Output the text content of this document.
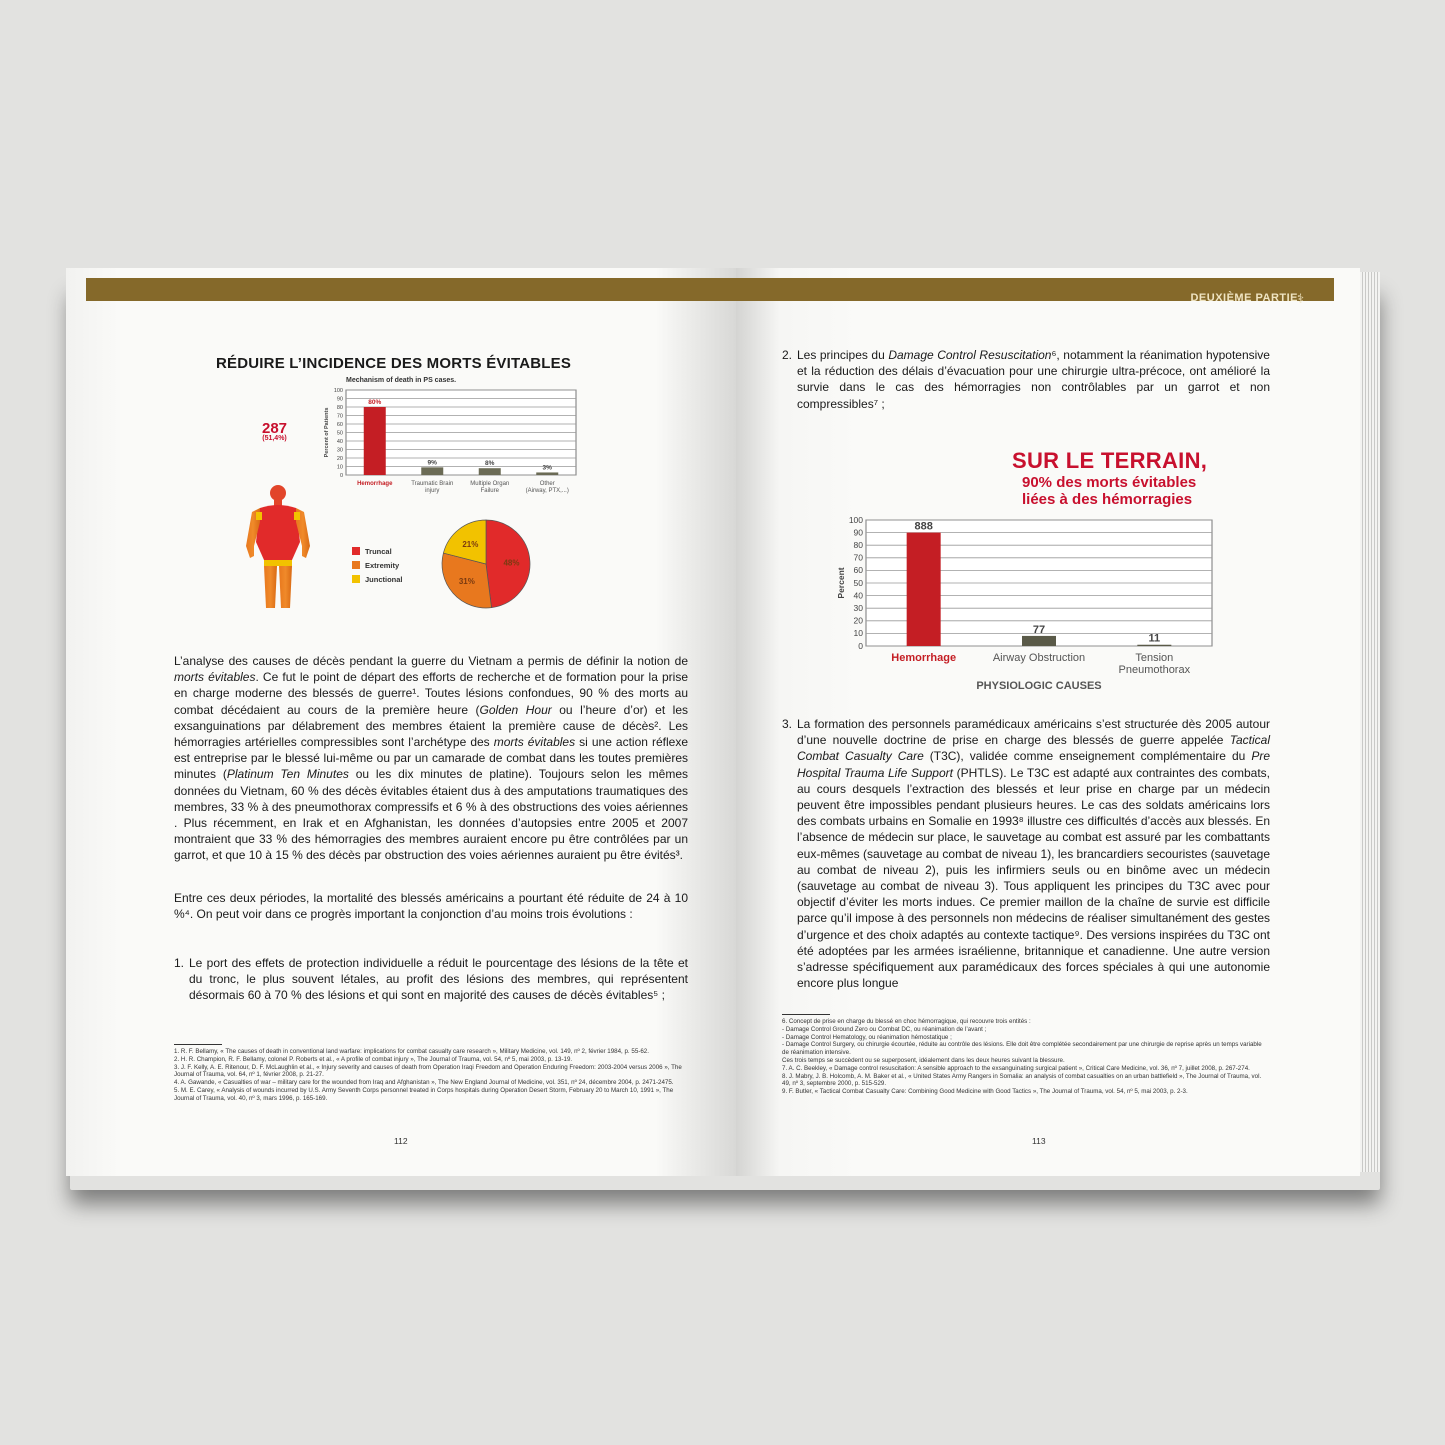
RÉDUIRE L’INCIDENCE DES MORTS ÉVITABLES
Mechanism of death in PS cases.
287
(51,4%)
100
90
80
70
60
50
40
30
20
10
0
Percent of Patients
80%
Hemorrhage
9%
Traumatic Brain
injury
8%
Multiple Organ
Failure
3%
Other
(Airway, PTX,...)
Truncal
Extremity
Junctional
48%
31%
21%
L’analyse des causes de décès pendant la guerre du Vietnam a permis de définir la notion de morts évitables. Ce fut le point de départ des efforts de recherche et de formation pour la prise en charge moderne des blessés de guerre¹. Toutes lésions confondues, 90 % des morts au combat décédaient au cours de la première heure (Golden Hour ou l’heure d’or) et les exsanguinations par délabrement des membres étaient la première cause de décès². Les hémorragies artérielles compressibles sont l’archétype des morts évitables si une action réflexe est entreprise par le blessé lui-même ou par un camarade de combat dans les toutes premières minutes (Platinum Ten Minutes ou les dix minutes de platine). Toujours selon les mêmes données du Vietnam, 60 % des décès évitables étaient dus à des amputations traumatiques des membres, 33 % à des pneumothorax compressifs et 6 % à des obstructions des voies aériennes . Plus récemment, en Irak et en Afghanistan, les données d’autopsies entre 2005 et 2007 montraient que 33 % des hémorragies des membres auraient encore pu être contrôlées par un garrot, et que 10 à 15 % des décès par obstruction des voies aériennes auraient pu être évités³.
Entre ces deux périodes, la mortalité des blessés américains a pourtant été réduite de 24 à 10 %⁴. On peut voir dans ce progrès important la conjonction d’au moins trois évolutions :
1. Le port des effets de protection individuelle a réduit le pourcentage des lésions de la tête et du tronc, le plus souvent létales, au profit des lésions des membres, qui représentent désormais 60 à 70 % des lésions et qui sont en majorité des causes de décès évitables⁵ ;

1. R. F. Bellamy, « The causes of death in conventional land warfare: implications for combat casualty care research », Military Medicine, vol. 149, nº 2, février 1984, p. 55-62.

2. H. R. Champion, R. F. Bellamy, colonel P. Roberts et al., « A profile of combat injury », The Journal of Trauma, vol. 54, nº 5, mai 2003, p. 13-19.

3. J. F. Kelly, A. E. Ritenour, D. F. McLaughlin et al., « Injury severity and causes of death from Operation Iraqi Freedom and Operation Enduring Freedom: 2003-2004 versus 2006 », The Journal of Trauma, vol. 64, nº 1, février 2008, p. 21-27.

4. A. Gawande, « Casualties of war – military care for the wounded from Iraq and Afghanistan », The New England Journal of Medicine, vol. 351, nº 24, décembre 2004, p. 2471-2475.

5. M. E. Carey, « Analysis of wounds incurred by U.S. Army Seventh Corps personnel treated in Corps hospitals during Operation Desert Storm, February 20 to March 10, 1991 », The Journal of Trauma, vol. 40, nº 3, mars 1996, p. 165-169.

112
DEUXIÈME PARTIE
⚕
2. Les principes du Damage Control Resuscitation⁶, notamment la réanimation hypotensive et la réduction des délais d’évacuation pour une chirurgie ultra-précoce, ont amélioré la survie dans le cas des hémorragies non contrôlables par un garrot et non compressibles⁷ ;
SUR LE TERRAIN,
90% des morts évitables
liées à des hémorragies
100
90
80
70
60
50
40
30
20
10
0
Percent
888
Hemorrhage
77
Airway Obstruction
11
Tension
Pneumothorax
PHYSIOLOGIC CAUSES
3. La formation des personnels paramédicaux américains s’est structurée dès 2005 autour d’une nouvelle doctrine de prise en charge des blessés de guerre appelée Tactical Combat Casualty Care (T3C), validée comme enseignement complémentaire du Pre Hospital Trauma Life Support (PHTLS). Le T3C est adapté aux contraintes des combats, au cours desquels l’extraction des blessés et leur prise en charge par un médecin peuvent être impossibles pendant plusieurs heures. Le cas des soldats américains lors des combats urbains en Somalie en 1993⁸ illustre ces difficultés d’accès aux blessés. En l’absence de médecin sur place, le sauvetage au combat est assuré par les combattants eux-mêmes (sauvetage au combat de niveau 1), les brancardiers secouristes (sauvetage au combat de niveau 2), puis les infirmiers seuls ou en binôme avec un médecin (sauvetage au combat de niveau 3). Tous appliquent les principes du T3C avec pour objectif d’éviter les morts indues. Ce premier maillon de la chaîne de survie est difficile parce qu’il impose à des personnels non médecins de réaliser simultanément des gestes d’urgence et des choix adaptés au contexte tactique⁹. Des versions inspirées du T3C ont été adoptées par les armées israélienne, britannique et canadienne. Une autre version s’adresse spécifiquement aux paramédicaux des forces spéciales à qui une autonomie encore plus longue

6. Concept de prise en charge du blessé en choc hémorragique, qui recouvre trois entités :

- Damage Control Ground Zero ou Combat DC, ou réanimation de l’avant ;

- Damage Control Hematology, ou réanimation hémostatique ;

- Damage Control Surgery, ou chirurgie écourtée, réduite au contrôle des lésions. Elle doit être complétée secondairement par une chirurgie de reprise après un temps variable de réanimation intensive.

Ces trois temps se succèdent ou se superposent, idéalement dans les deux heures suivant la blessure.

7. A. C. Beekley, « Damage control resuscitation: A sensible approach to the exsanguinating surgical patient », Critical Care Medicine, vol. 36, nº 7, juillet 2008, p. 267-274.

8. J. Mabry, J. B. Holcomb, A. M. Baker et al., « United States Army Rangers in Somalia: an analysis of combat casualties on an urban battlefield », The Journal of Trauma, vol. 49, nº 3, septembre 2000, p. 515-529.

9. F. Butler, « Tactical Combat Casualty Care: Combining Good Medicine with Good Tactics », The Journal of Trauma, vol. 54, nº 5, mai 2003, p. 2-3.

113
